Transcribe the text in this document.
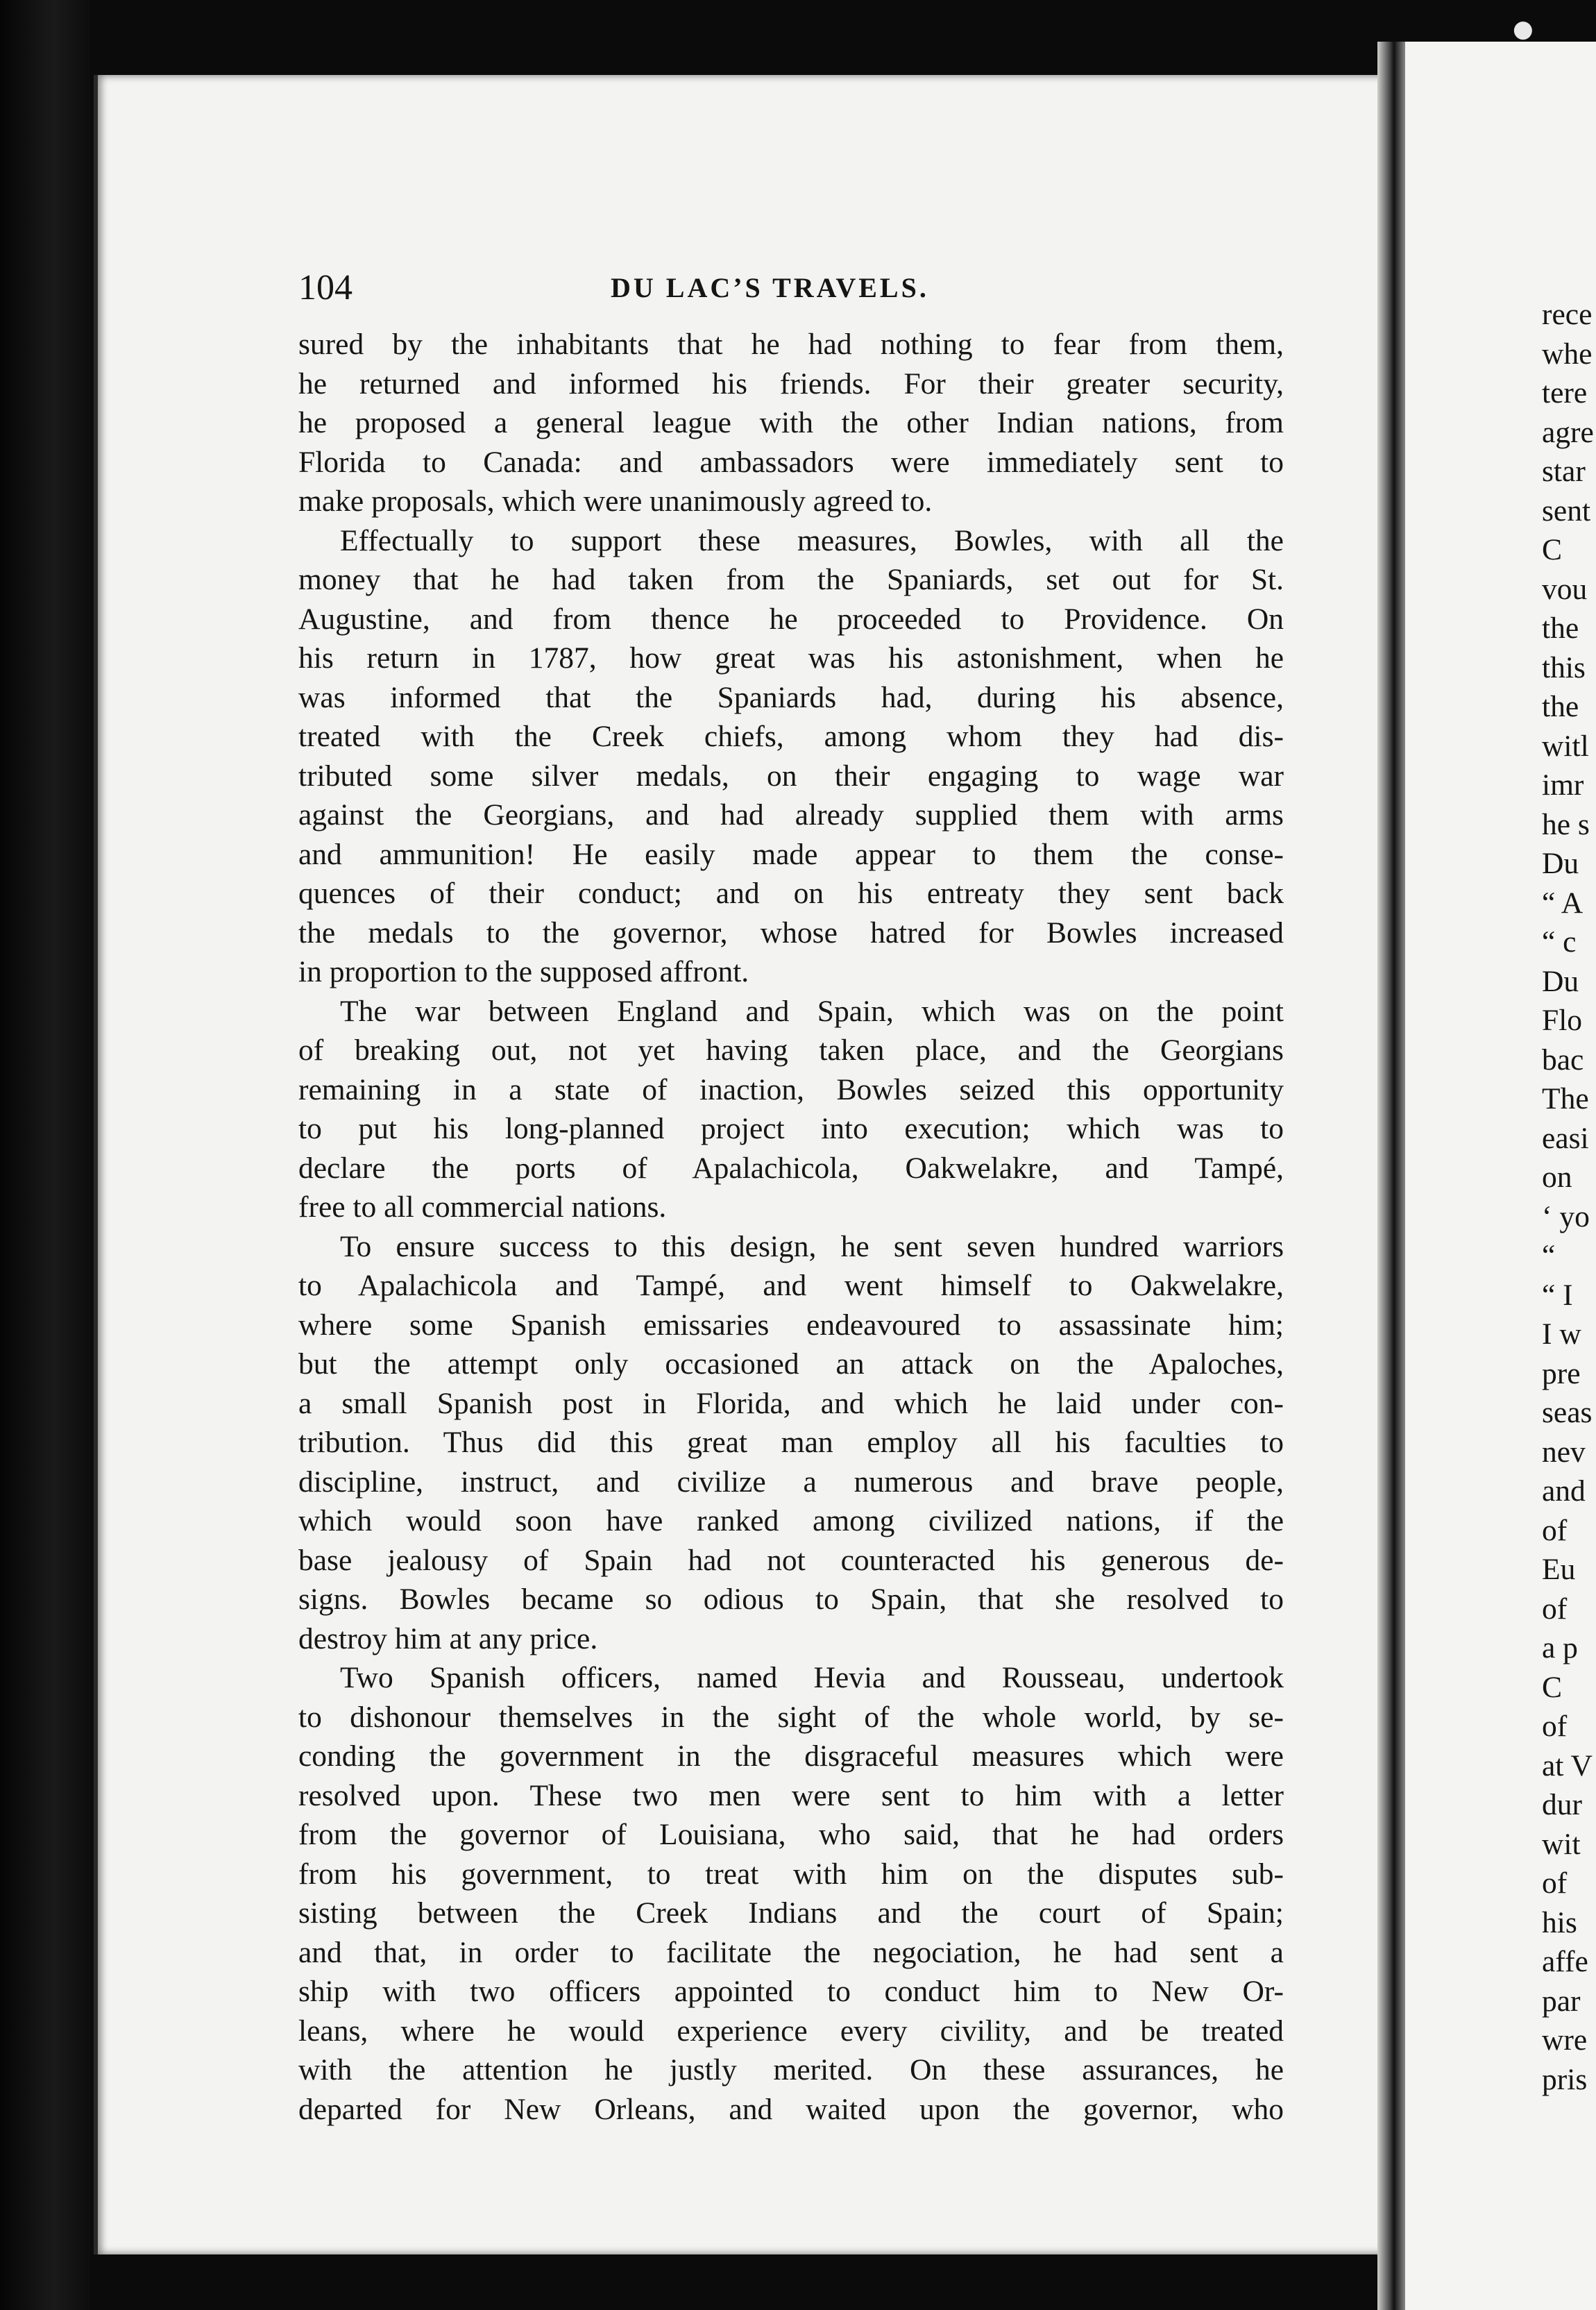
●
104	DU LAC’S TRAVELS.
sured by the inhabitants that he had nothing to fear from them,
he returned and informed his friends. For their greater security,
he proposed a general league with the other Indian nations, from
Florida to Canada: and ambassadors were immediately sent to
make proposals, which were unanimously agreed to.
Effectually to support these measures, Bowles, with all the
money that he had taken from the Spaniards, set out for St.
Augustine, and from thence he proceeded to Providence. On
his return in 1787, how great was his astonishment, when he
was informed that the Spaniards had, during his absence,
treated with the Creek chiefs, among whom they had dis-
tributed some silver medals, on their engaging to wage war
against the Georgians, and had already supplied them with arms
and ammunition! He easily made appear to them the conse-
quences of their conduct; and on his entreaty they sent back
the medals to the governor, whose hatred for Bowles increased
in proportion to the supposed affront.
The war between England and Spain, which was on the point
of breaking out, not yet having taken place, and the Georgians
remaining in a state of inaction, Bowles seized this opportunity
to put his long-planned project into execution; which was to
declare the ports of Apalachicola, Oakwelakre, and Tampé,
free to all commercial nations.
To ensure success to this design, he sent seven hundred warriors
to Apalachicola and Tampé, and went himself to Oakwelakre,
where some Spanish emissaries endeavoured to assassinate him;
but the attempt only occasioned an attack on the Apaloches,
a small Spanish post in Florida, and which he laid under con-
tribution. Thus did this great man employ all his faculties to
discipline, instruct, and civilize a numerous and brave people,
which would soon have ranked among civilized nations, if the
base jealousy of Spain had not counteracted his generous de-
signs. Bowles became so odious to Spain, that she resolved to
destroy him at any price.
Two Spanish officers, named Hevia and Rousseau, undertook
to dishonour themselves in the sight of the whole world, by se-
conding the government in the disgraceful measures which were
resolved upon. These two men were sent to him with a letter
from the governor of Louisiana, who said, that he had orders
from his government, to treat with him on the disputes sub-
sisting between the Creek Indians and the court of Spain;
and that, in order to facilitate the negociation, he had sent a
ship with two officers appointed to conduct him to New Or-
leans, where he would experience every civility, and be treated
with the attention he justly merited. On these assurances, he
departed for New Orleans, and waited upon the governor, who
rece
whe
tere
agre
star
sent
C
vou
the
this
the
witl
imr
he s
Du
“ A
“ c
Du
Flo
bac
The
easi
on
‘ yo
“
“ I
I w
pre
seas
nev
and
of
Eu
of
a p
C
of
at V
dur
wit
of
his
affe
par
wre
pris
